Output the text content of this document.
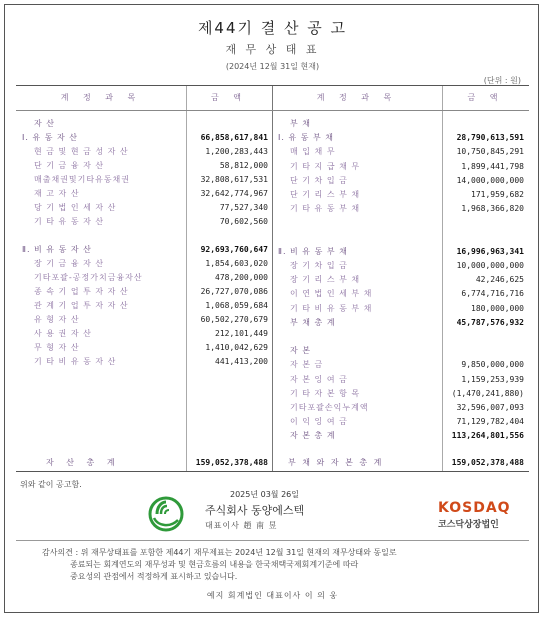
제44기 결 산 공 고
재 무 상 태 표
(2024년 12월 31일 현재)
(단위 : 원)
계 정 과 목	금 액	계 정 과 목	금 액
자 산
Ⅰ. 유 동 자 산	66,858,617,841
현 금 및 현 금 성 자 산	1,200,283,443
단 기 금 융 자 산	58,812,000
매출채권및기타유동채권	32,808,617,531
재 고 자 산	32,642,774,967
당 기 법 인 세 자 산	77,527,340
기 타 유 동 자 산	70,602,560
Ⅱ. 비 유 동 자 산	92,693,760,647
장 기 금 융 자 산	1,854,603,020
기타포괄-공정가치금융자산	478,200,000
종 속 기 업 투 자 자 산	26,727,070,086
관 계 기 업 투 자 자 산	1,068,059,684
유 형 자 산	60,502,270,679
사 용 권 자 산	212,101,449
무 형 자 산	1,410,042,629
기 타 비 유 동 자 산	441,413,200
부 채
Ⅰ. 유 동 부 채	28,790,613,591
매 입 채 무	10,750,845,291
기 타 지 급 채 무	1,899,441,798
단 기 차 입 금	14,000,000,000
단 기 리 스 부 채	171,959,682
기 타 유 동 부 채	1,968,366,820
Ⅱ. 비 유 동 부 채	16,996,963,341
장 기 차 입 금	10,000,000,000
장 기 리 스 부 채	42,246,625
이 연 법 인 세 부 채	6,774,716,716
기 타 비 유 동 부 채	180,000,000
부 채 총 계	45,787,576,932
자 본
자 본 금	9,850,000,000
자 본 잉 여 금	1,159,253,939
기 타 자 본 항 목	(1,470,241,880)
기타포괄손익누계액	32,596,007,093
이 익 잉 여 금	71,129,782,404
자 본 총 계	113,264,801,556
자 산 총 계	159,052,378,488	부 채 와 자 본 총 계	159,052,378,488
위와 같이 공고함.
2025년 03월 26일
주식회사 동양에스텍
대표이사 趙 南 昱
KOSDAQ
코스닥상장법인
감사의견 : 위 재무상태표를 포함한 제44기 재무제표는 2024년 12월 31일 현재의 재무상태와 동일로
종료되는 회계연도의 재무성과 및 현금흐름의 내용을 한국채택국제회계기준에 따라
중요성의 관점에서 적정하게 표시하고 있습니다.
예지 회계법인 대표이사 이 의 웅
